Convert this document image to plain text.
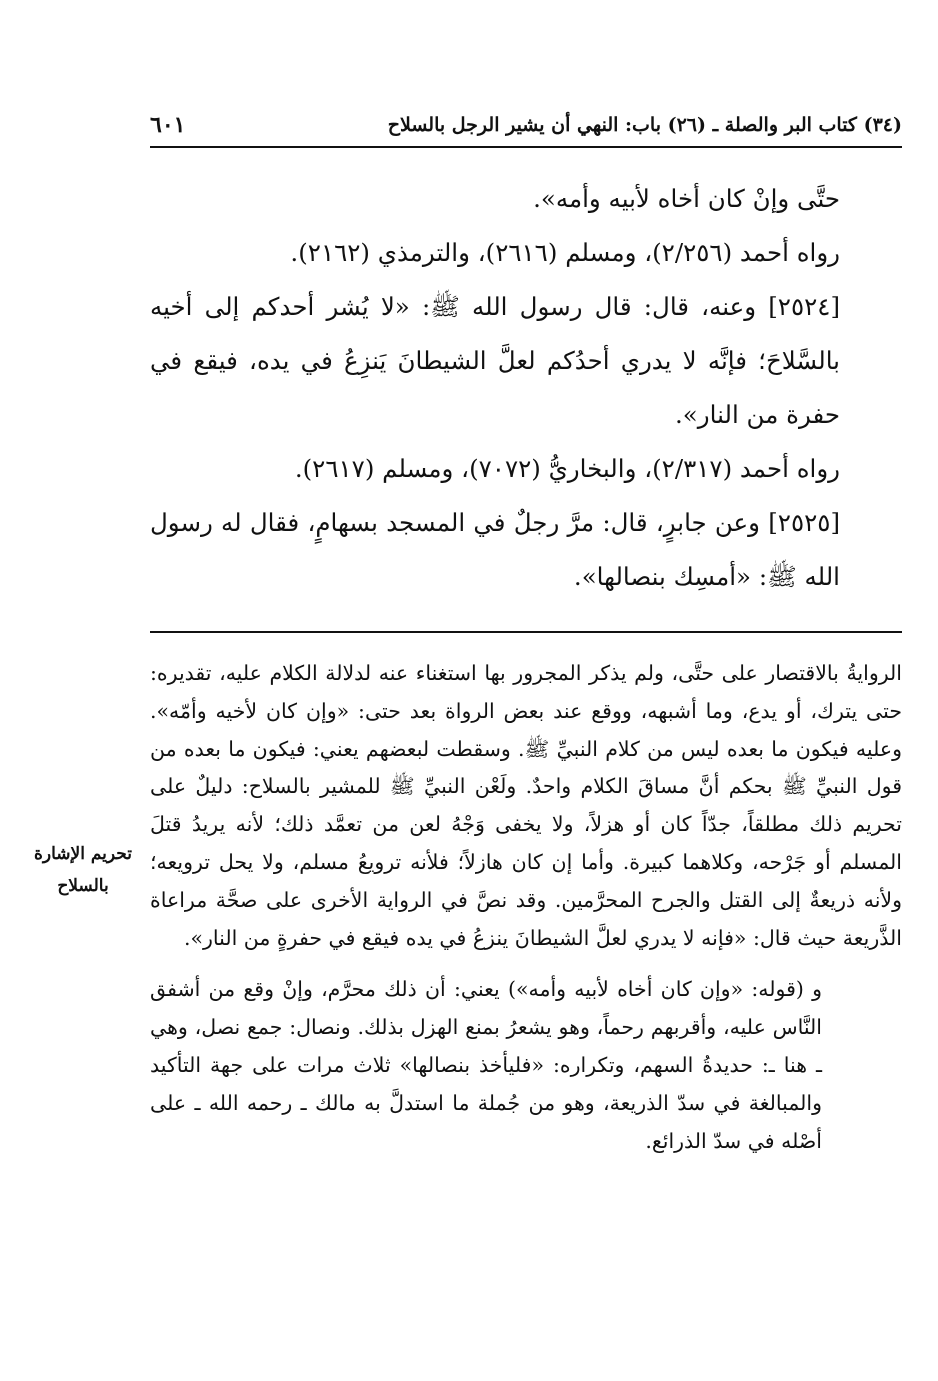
(٣٤) كتاب البر والصلة ـ (٢٦) باب: النهي أن يشير الرجل بالسلاح
٦٠١

حتَّى وإنْ كان أخاه لأبيه وأمه».

رواه أحمد (٢/٢٥٦)، ومسلم (٢٦١٦)، والترمذي (٢١٦٢).

[٢٥٢٤] وعنه، قال: قال رسول الله ﷺ: «لا يُشر أحدكم إلى أخيه بالسَّلاحَ؛ فإنَّه لا يدري أحدُكم لعلَّ الشيطانَ يَنزِعُ في يده، فيقع في حفرة من النار».

رواه أحمد (٢/٣١٧)، والبخاريُّ (٧٠٧٢)، ومسلم (٢٦١٧).

[٢٥٢٥] وعن جابرٍ، قال: مرَّ رجلٌ في المسجد بسهامٍ، فقال له رسول الله ﷺ: «أمسِك بنصالها».

الروايةُ بالاقتصار على حتَّى، ولم يذكر المجرور بها استغناء عنه لدلالة الكلام عليه، تقديره: حتى يترك، أو يدع، وما أشبهه، ووقع عند بعض الرواة بعد حتى: «وإن كان لأخيه وأمّه». وعليه فيكون ما بعده ليس من كلام النبيِّ ﷺ. وسقطت لبعضهم يعني: فيكون ما بعده من قول النبيِّ ﷺ بحكم أنَّ مساقَ الكلام واحدٌ. ولَعْن النبيِّ ﷺ للمشير بالسلاح: دليلٌ على تحريم ذلك مطلقاً، جدّاً كان أو هزلاً، ولا يخفى وَجْهُ لعن من تعمَّد ذلك؛ لأنه يريدُ قتلَ المسلم أو جَرْحه، وكلاهما كبيرة. وأما إن كان هازلاً؛ فلأنه ترويعُ مسلم، ولا يحل ترويعه؛ ولأنه ذريعةٌ إلى القتل والجرح المحرَّمين. وقد نصَّ في الرواية الأخرى على صحَّة مراعاة الذَّريعة حيث قال: «فإنه لا يدري لعلَّ الشيطانَ ينزعُ في يده فيقع في حفرةٍ من النار».

و (قوله: «وإن كان أخاه لأبيه وأمه») يعني: أن ذلك محرَّم، وإنْ وقع من أشفق النَّاس عليه، وأقربهم رحماً، وهو يشعرُ بمنع الهزل بذلك. ونصال: جمع نصل، وهي ـ هنا ـ: حديدةُ السهم، وتكراره: «فليأخذ بنصالها» ثلاث مرات على جهة التأكيد والمبالغة في سدّ الذريعة، وهو من جُملة ما استدلَّ به مالك ـ رحمه الله ـ على أصْله في سدّ الذرائع.

تحريم الإشارة بالسلاح
